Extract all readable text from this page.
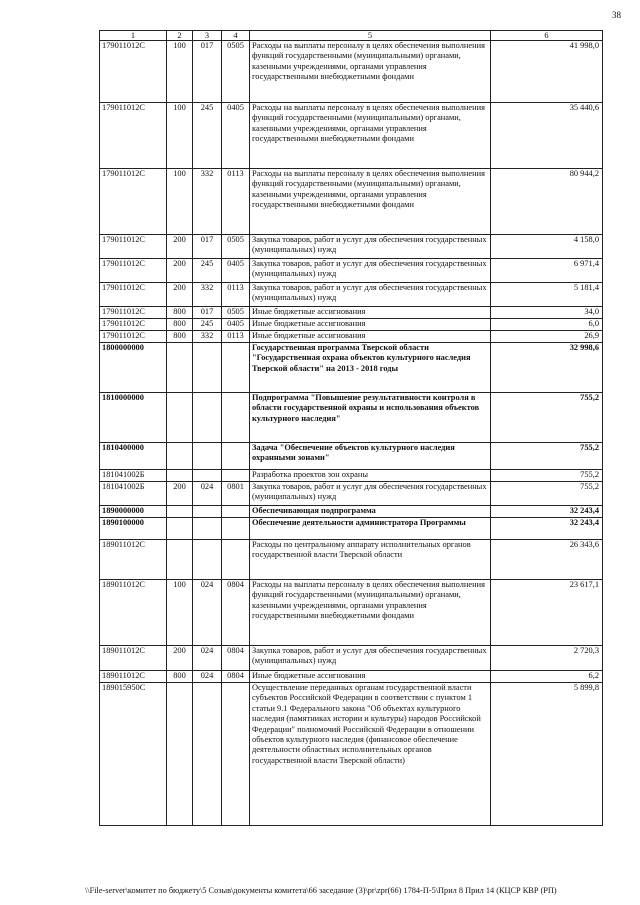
38
1	2	3	4	5	6
179011012С	100	017	0505	Расходы на выплаты персоналу в целях обеспечения выполнения функций государственными (муниципальными) органами, казенными учреждениями, органами управления государственными внебюджетными фондами	41 998,0
179011012С	100	245	0405	Расходы на выплаты персоналу в целях обеспечения выполнения функций государственными (муниципальными) органами, казенными учреждениями, органами управления государственными внебюджетными фондами	35 440,6
179011012С	100	332	0113	Расходы на выплаты персоналу в целях обеспечения выполнения функций государственными (муниципальными) органами, казенными учреждениями, органами управления государственными внебюджетными фондами	80 944,2
179011012С	200	017	0505	Закупка товаров, работ и услуг для обеспечения государственных (муниципальных) нужд	4 158,0
179011012С	200	245	0405	Закупка товаров, работ и услуг для обеспечения государственных (муниципальных) нужд	6 971,4
179011012С	200	332	0113	Закупка товаров, работ и услуг для обеспечения государственных (муниципальных) нужд	5 181,4
179011012С	800	017	0505	Иные бюджетные ассигнования	34,0
179011012С	800	245	0405	Иные бюджетные ассигнования	6,0
179011012С	800	332	0113	Иные бюджетные ассигнования	26,9
1800000000				Государственная программа Тверской области "Государственная охрана объектов культурного наследия Тверской области" на 2013 - 2018 годы	32 998,6
1810000000				Подпрограмма "Повышение результативности контроля в области государственной охраны и использования объектов культурного наследия"	755,2
1810400000				Задача "Обеспечение объектов культурного наследия охранными зонами"	755,2
181041002Б				Разработка проектов зон охраны	755,2
181041002Б	200	024	0801	Закупка товаров, работ и услуг для обеспечения государственных (муниципальных) нужд	755,2
1890000000				Обеспечивающая подпрограмма	32 243,4
1890100000				Обеспечение деятельности администратора Программы	32 243,4
189011012С				Расходы по центральному аппарату исполнительных органов государственной власти Тверской области	26 343,6
189011012С	100	024	0804	Расходы на выплаты персоналу в целях обеспечения выполнения функций государственными (муниципальными) органами, казенными учреждениями, органами управления государственными внебюджетными фондами	23 617,1
189011012С	200	024	0804	Закупка товаров, работ и услуг для обеспечения государственных (муниципальных) нужд	2 720,3
189011012С	800	024	0804	Иные бюджетные ассигнования	6,2
189015950С				Осуществление переданных органам государственной власти субъектов Российской Федерации в соответствии с пунктом 1 статьи 9.1 Федерального закона "Об объектах культурного наследия (памятниках истории и культуры) народов Российской Федерации" полномочий Российской Федерации в отношении объектов культурного наследия (финансовое обеспечение деятельности областных исполнительных органов государственной власти Тверской области)	5 899,8
\\File-server\комитет по бюджету\5 Созыв\документы комитета\66 заседание (3)\pr\zpr(66) 1784-П-5\Прил 8 Прил 14 (КЦСР КВР (РП)
